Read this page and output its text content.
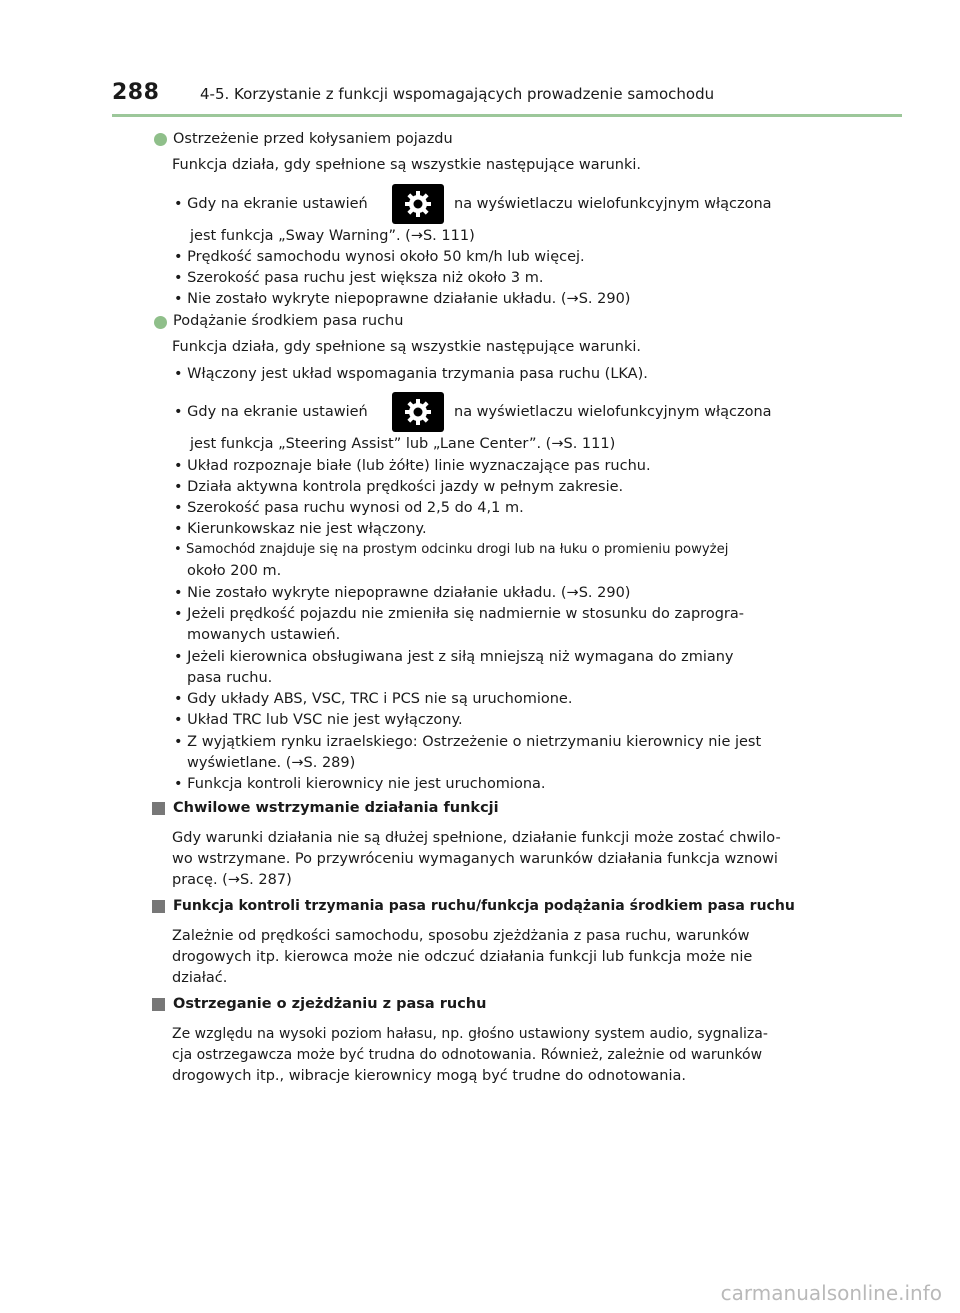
288	4-5. Korzystanie z funkcji wspomagających prowadzenie samochodu
Ostrzeżenie przed kołysaniem pojazdu
Funkcja działa, gdy spełnione są wszystkie następujące warunki.
• Gdy na ekranie ustawień	na wyświetlaczu wielofunkcyjnym włączona
jest funkcja „Sway Warning”. (→S. 111)
• Prędkość samochodu wynosi około 50 km/h lub więcej.
• Szerokość pasa ruchu jest większa niż około 3 m.
• Nie zostało wykryte niepoprawne działanie układu. (→S. 290)
Podążanie środkiem pasa ruchu
Funkcja działa, gdy spełnione są wszystkie następujące warunki.
• Włączony jest układ wspomagania trzymania pasa ruchu (LKA).
• Gdy na ekranie ustawień	na wyświetlaczu wielofunkcyjnym włączona
jest funkcja „Steering Assist” lub „Lane Center”. (→S. 111)
• Układ rozpoznaje białe (lub żółte) linie wyznaczające pas ruchu.
• Działa aktywna kontrola prędkości jazdy w pełnym zakresie.
• Szerokość pasa ruchu wynosi od 2,5 do 4,1 m.
• Kierunkowskaz nie jest włączony.
• Samochód znajduje się na prostym odcinku drogi lub na łuku o promieniu powyżej
około 200 m.
• Nie zostało wykryte niepoprawne działanie układu. (→S. 290)
• Jeżeli prędkość pojazdu nie zmieniła się nadmiernie w stosunku do zaprogra-
mowanych ustawień.
• Jeżeli kierownica obsługiwana jest z siłą mniejszą niż wymagana do zmiany
pasa ruchu.
• Gdy układy ABS, VSC, TRC i PCS nie są uruchomione.
• Układ TRC lub VSC nie jest wyłączony.
• Z wyjątkiem rynku izraelskiego: Ostrzeżenie o nietrzymaniu kierownicy nie jest
wyświetlane. (→S. 289)
• Funkcja kontroli kierownicy nie jest uruchomiona.
Chwilowe wstrzymanie działania funkcji
Gdy warunki działania nie są dłużej spełnione, działanie funkcji może zostać chwilo-
wo wstrzymane. Po przywróceniu wymaganych warunków działania funkcja wznowi
pracę. (→S. 287)
Funkcja kontroli trzymania pasa ruchu/funkcja podążania środkiem pasa ruchu
Zależnie od prędkości samochodu, sposobu zjeżdżania z pasa ruchu, warunków
drogowych itp. kierowca może nie odczuć działania funkcji lub funkcja może nie
działać.
Ostrzeganie o zjeżdżaniu z pasa ruchu
Ze względu na wysoki poziom hałasu, np. głośno ustawiony system audio, sygnaliza-
cja ostrzegawcza może być trudna do odnotowania. Również, zależnie od warunków
drogowych itp., wibracje kierownicy mogą być trudne do odnotowania.
carmanualsonline.info
